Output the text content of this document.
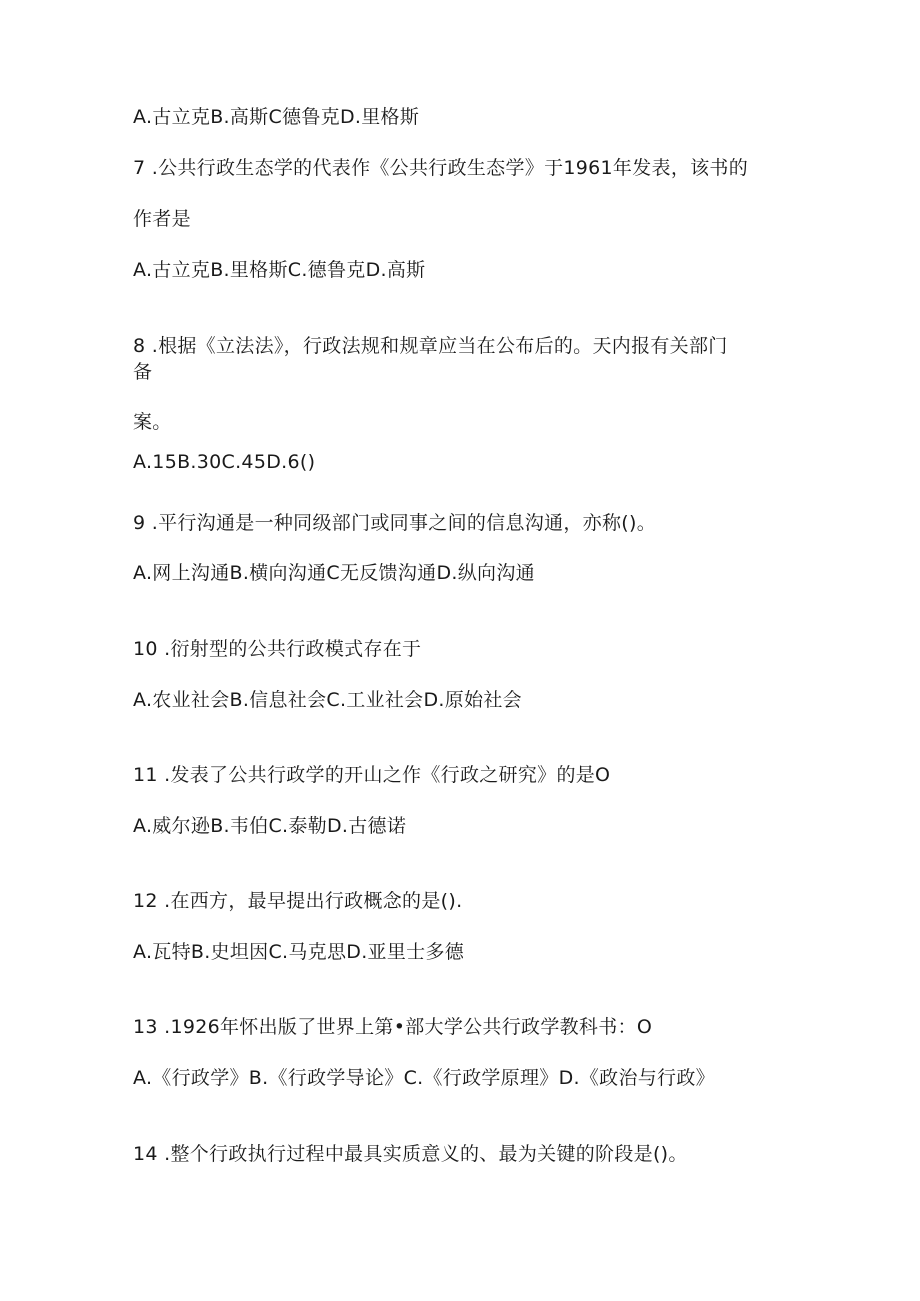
A.古立克B.高斯C德鲁克D.里格斯
7 .公共行政生态学的代表作《公共行政生态学》于1961年发表，该书的
作者是
A.古立克B.里格斯C.德鲁克D.高斯
8 .根据《立法法》，行政法规和规章应当在公布后的。天内报有关部门
备
案。
A.15B.30C.45D.6()
9 .平行沟通是一种同级部门或同事之间的信息沟通，亦称()。
A.网上沟通B.横向沟通C无反馈沟通D.纵向沟通
10 .衍射型的公共行政模式存在于
A.农业社会B.信息社会C.工业社会D.原始社会
11 .发表了公共行政学的开山之作《行政之研究》的是O
A.威尔逊B.韦伯C.泰勒D.古德诺
12 .在西方，最早提出行政概念的是().
A.瓦特B.史坦因C.马克思D.亚里士多德
13 .1926年怀出版了世界上第•部大学公共行政学教科书：O
A.《行政学》B.《行政学导论》C.《行政学原理》D.《政治与行政》
14 .整个行政执行过程中最具实质意义的、最为关键的阶段是()。
